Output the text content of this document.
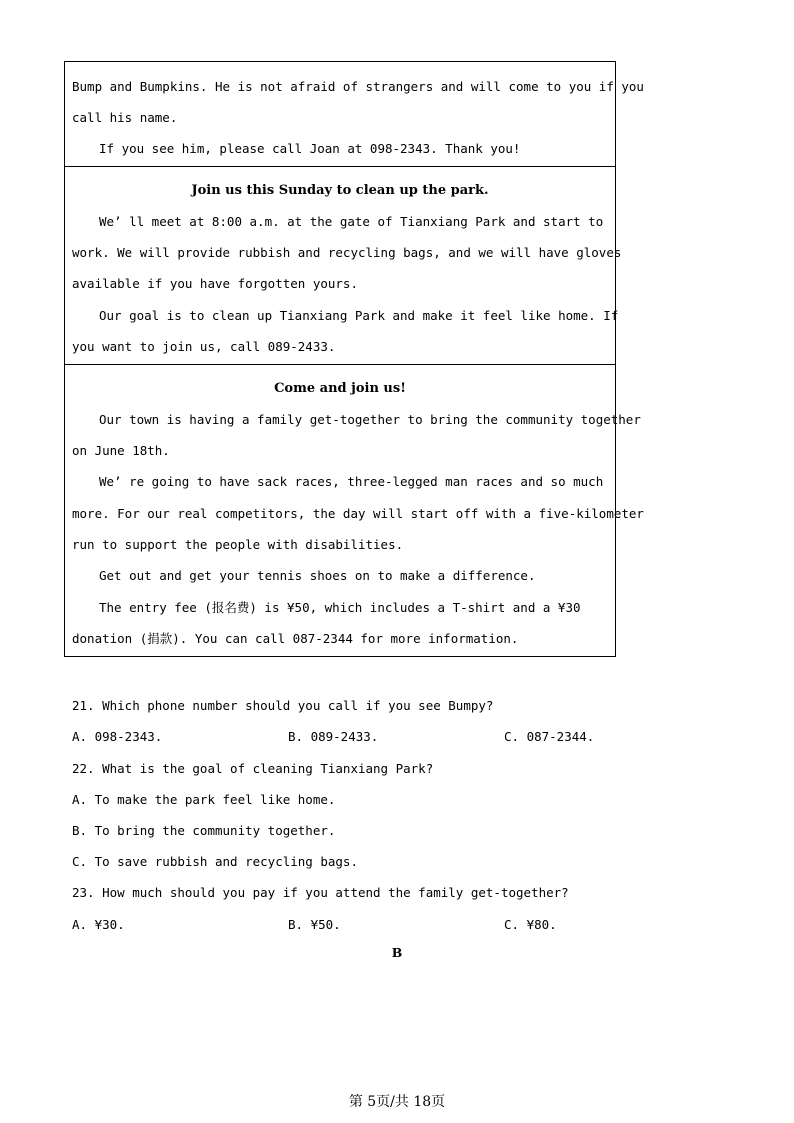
Bump and Bumpkins. He is not afraid of strangers and will come to you if you
call his name.
If you see him, please call Joan at 098-2343. Thank you!
Join us this Sunday to clean up the park.
We’ ll meet at 8:00 a.m. at the gate of Tianxiang Park and start to
work. We will provide rubbish and recycling bags, and we will have gloves
available if you have forgotten yours.
Our goal is to clean up Tianxiang Park and make it feel like home. If
you want to join us, call 089-2433.
Come and join us!
Our town is having a family get-together to bring the community together
on June 18th.
We’ re going to have sack races, three-legged man races and so much
more. For our real competitors, the day will start off with a five-kilometer
run to support the people with disabilities.
Get out and get your tennis shoes on to make a difference.
The entry fee (报名费) is ¥50, which includes a T-shirt and a ¥30
donation (捐款). You can call 087-2344 for more information.
21. Which phone number should you call if you see Bumpy?
A. 098-2343.	B. 089-2433.	C. 087-2344.
22. What is the goal of cleaning Tianxiang Park?
A. To make the park feel like home.
B. To bring the community together.
C. To save rubbish and recycling bags.
23. How much should you pay if you attend the family get-together?
A. ¥30.	B. ¥50.	C. ¥80.
B
第 5页/共 18页
